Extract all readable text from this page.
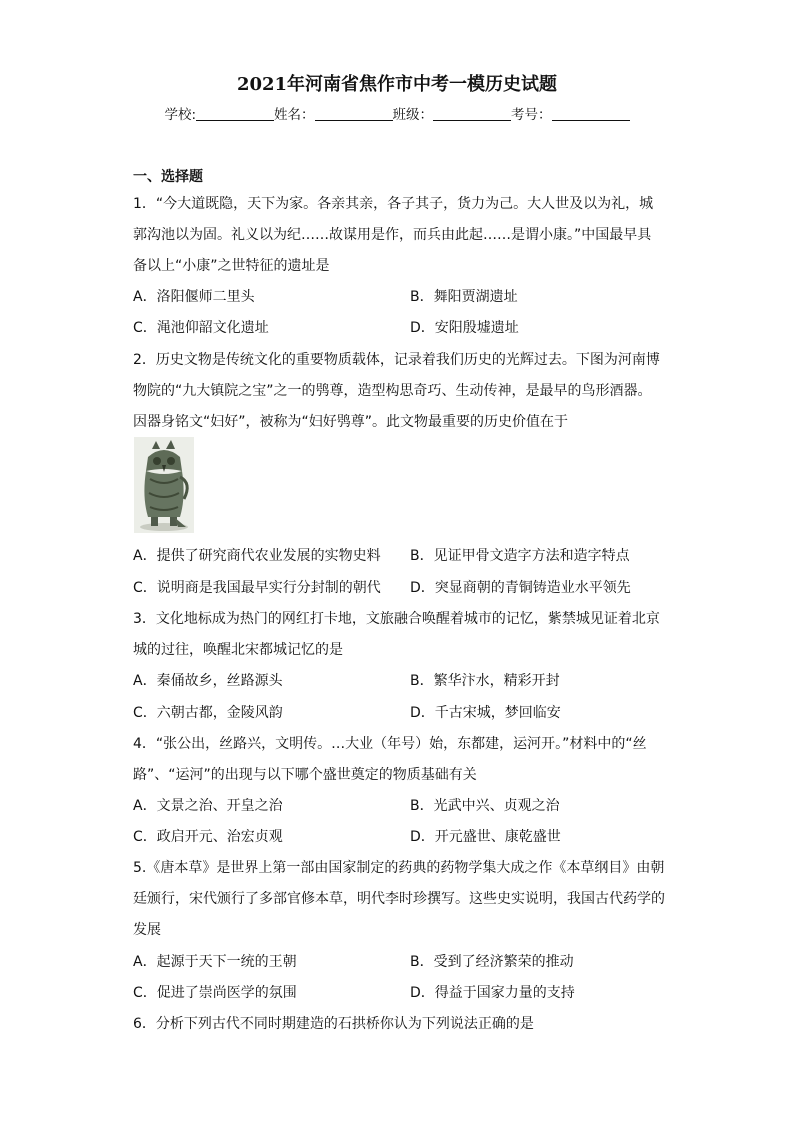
2021年河南省焦作市中考一模历史试题
学校:	姓名：	班级：	考号：
一、选择题
1．“今大道既隐，天下为家。各亲其亲，各子其子，货力为己。大人世及以为礼，城
郭沟池以为固。礼义以为纪……故谋用是作，而兵由此起……是谓小康。”中国最早具
备以上“小康”之世特征的遗址是
A．洛阳偃师二里头	B．舞阳贾湖遗址
C．渑池仰韶文化遗址	D．安阳殷墟遗址
2．历史文物是传统文化的重要物质载体，记录着我们历史的光辉过去。下图为河南博
物院的“九大镇院之宝”之一的鸮尊，造型构思奇巧、生动传神，是最早的鸟形酒器。
因器身铭文“妇好”，被称为“妇好鸮尊”。此文物最重要的历史价值在于
A．提供了研究商代农业发展的实物史料 B．见证甲骨文造字方法和造字特点
C．说明商是我国最早实行分封制的朝代 D．突显商朝的青铜铸造业水平领先
3．文化地标成为热门的网红打卡地，文旅融合唤醒着城市的记忆，紫禁城见证着北京
城的过往，唤醒北宋都城记忆的是
A．秦俑故乡，丝路源头	B．繁华汴水，精彩开封
C．六朝古都，金陵风韵	D．千古宋城，梦回临安
4．“张公出，丝路兴，文明传。…大业（年号）始，东都建，运河开。”材料中的“丝
路”、“运河”的出现与以下哪个盛世奠定的物质基础有关
A．文景之治、开皇之治	B．光武中兴、贞观之治
C．政启开元、治宏贞观	D．开元盛世、康乾盛世
5.《唐本草》是世界上第一部由国家制定的药典的药物学集大成之作《本草纲目》由朝
廷颁行，宋代颁行了多部官修本草，明代李时珍撰写。这些史实说明，我国古代药学的
发展
A．起源于天下一统的王朝	B．受到了经济繁荣的推动
C．促进了崇尚医学的氛围	D．得益于国家力量的支持
6．分析下列古代不同时期建造的石拱桥你认为下列说法正确的是
